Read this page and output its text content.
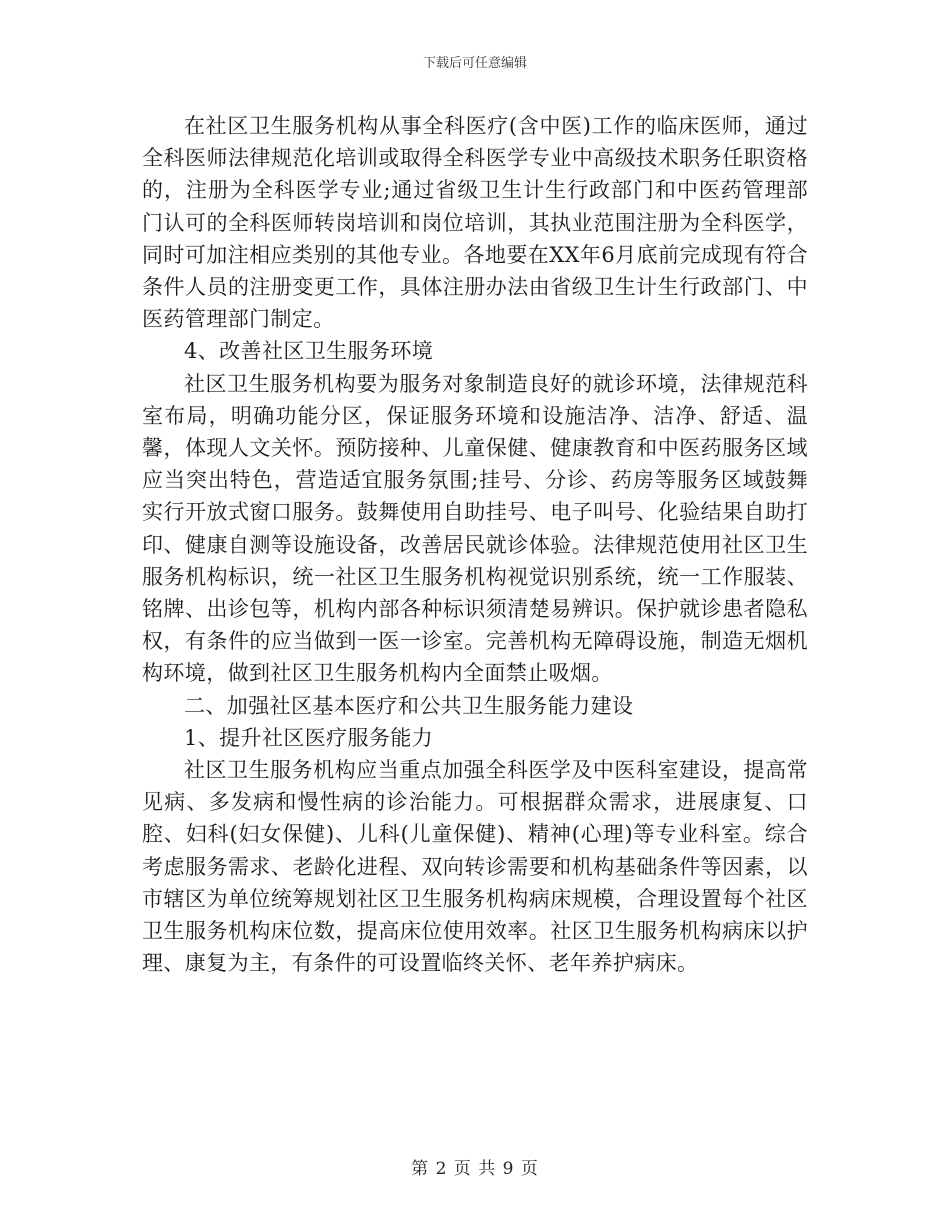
下载后可任意编辑

在社区卫生服务机构从事全科医疗(含中医)工作的临床医师，通过全科医师法律规范化培训或取得全科医学专业中高级技术职务任职资格的，注册为全科医学专业;通过省级卫生计生行政部门和中医药管理部门认可的全科医师转岗培训和岗位培训，其执业范围注册为全科医学，同时可加注相应类别的其他专业。各地要在XX年6月底前完成现有符合条件人员的注册变更工作，具体注册办法由省级卫生计生行政部门、中医药管理部门制定。

4、改善社区卫生服务环境

社区卫生服务机构要为服务对象制造良好的就诊环境，法律规范科室布局，明确功能分区，保证服务环境和设施洁净、洁净、舒适、温馨，体现人文关怀。预防接种、儿童保健、健康教育和中医药服务区域应当突出特色，营造适宜服务氛围;挂号、分诊、药房等服务区域鼓舞实行开放式窗口服务。鼓舞使用自助挂号、电子叫号、化验结果自助打印、健康自测等设施设备，改善居民就诊体验。法律规范使用社区卫生服务机构标识，统一社区卫生服务机构视觉识别系统，统一工作服装、铭牌、出诊包等，机构内部各种标识须清楚易辨识。保护就诊患者隐私权，有条件的应当做到一医一诊室。完善机构无障碍设施，制造无烟机构环境，做到社区卫生服务机构内全面禁止吸烟。

二、加强社区基本医疗和公共卫生服务能力建设

1、提升社区医疗服务能力

社区卫生服务机构应当重点加强全科医学及中医科室建设，提高常见病、多发病和慢性病的诊治能力。可根据群众需求，进展康复、口腔、妇科(妇女保健)、儿科(儿童保健)、精神(心理)等专业科室。综合考虑服务需求、老龄化进程、双向转诊需要和机构基础条件等因素，以市辖区为单位统筹规划社区卫生服务机构病床规模，合理设置每个社区卫生服务机构床位数，提高床位使用效率。社区卫生服务机构病床以护理、康复为主，有条件的可设置临终关怀、老年养护病床。

第 2 页 共 9 页
